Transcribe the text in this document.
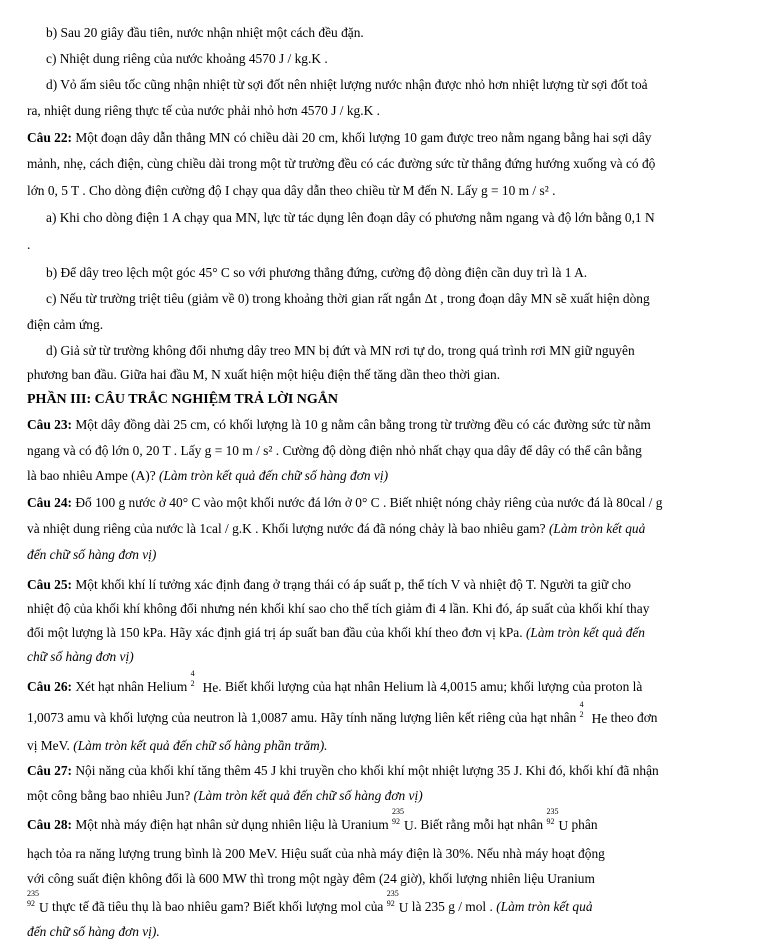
b) Sau 20 giây đầu tiên, nước nhận nhiệt một cách đều đặn.
c) Nhiệt dung riêng của nước khoảng 4570 J / kg.K .
d) Vỏ ấm siêu tốc cũng nhận nhiệt từ sợi đốt nên nhiệt lượng nước nhận được nhỏ hơn nhiệt lượng từ sợi đốt toả
ra, nhiệt dung riêng thực tế của nước phải nhỏ hơn 4570 J / kg.K .
Câu 22: Một đoạn dây dẫn thẳng MN có chiều dài 20 cm, khối lượng 10 gam được treo nằm ngang bằng hai sợi dây
mảnh, nhẹ, cách điện, cùng chiều dài trong một từ trường đều có các đường sức từ thẳng đứng hướng xuống và có độ
lớn 0, 5 T . Cho dòng điện cường độ I chạy qua dây dẫn theo chiều từ M đến N. Lấy g = 10 m / s² .
a) Khi cho dòng điện 1 A chạy qua MN, lực từ tác dụng lên đoạn dây có phương nằm ngang và độ lớn bằng 0,1 N
.
b) Để dây treo lệch một góc 45° C so với phương thẳng đứng, cường độ dòng điện cần duy trì là 1 A.
c) Nếu từ trường triệt tiêu (giảm về 0) trong khoảng thời gian rất ngắn Δt , trong đoạn dây MN sẽ xuất hiện dòng
điện cảm ứng.
d) Giả sử từ trường không đổi nhưng dây treo MN bị đứt và MN rơi tự do, trong quá trình rơi MN giữ nguyên
phương ban đầu. Giữa hai đầu M, N xuất hiện một hiệu điện thế tăng dần theo thời gian.
PHẦN III: CÂU TRẮC NGHIỆM TRẢ LỜI NGẮN
Câu 23: Một dây đồng dài 25 cm, có khối lượng là 10 g nằm cân bằng trong từ trường đều có các đường sức từ nằm
ngang và có độ lớn 0, 20 T . Lấy g = 10 m / s² . Cường độ dòng điện nhỏ nhất chạy qua dây để dây có thể cân bằng
là bao nhiêu Ampe (A)? (Làm tròn kết quả đến chữ số hàng đơn vị)
Câu 24: Đổ 100 g nước ở 40° C vào một khối nước đá lớn ở 0° C . Biết nhiệt nóng chảy riêng của nước đá là 80cal / g
và nhiệt dung riêng của nước là 1cal / g.K . Khối lượng nước đá đã nóng chảy là bao nhiêu gam? (Làm tròn kết quả
đến chữ số hàng đơn vị)
Câu 25: Một khối khí lí tưởng xác định đang ở trạng thái có áp suất p, thể tích V và nhiệt độ T. Người ta giữ cho
nhiệt độ của khối khí không đổi nhưng nén khối khí sao cho thể tích giảm đi 4 lần. Khi đó, áp suất của khối khí thay
đổi một lượng là 150 kPa. Hãy xác định giá trị áp suất ban đầu của khối khí theo đơn vị kPa. (Làm tròn kết quả đến
chữ số hàng đơn vị)
Câu 26: Xét hạt nhân Helium
4
2 He. Biết khối lượng của hạt nhân Helium là 4,0015 amu; khối lượng của proton là
1,0073 amu và khối lượng của neutron là 1,0087 amu. Hãy tính năng lượng liên kết riêng của hạt nhân
4
2 He theo đơn
vị MeV. (Làm tròn kết quả đến chữ số hàng phần trăm).
Câu 27: Nội năng của khối khí tăng thêm 45 J khi truyền cho khối khí một nhiệt lượng 35 J. Khi đó, khối khí đã nhận
một công bằng bao nhiêu Jun? (Làm tròn kết quả đến chữ số hàng đơn vị)
Câu 28: Một nhà máy điện hạt nhân sử dụng nhiên liệu là Uranium
235
92 U. Biết rằng mỗi hạt nhân
235
92 U phân
hạch tỏa ra năng lượng trung bình là 200 MeV. Hiệu suất của nhà máy điện là 30%. Nếu nhà máy hoạt động
với công suất điện không đổi là 600 MW thì trong một ngày đêm (24 giờ), khối lượng nhiên liệu Uranium
235
92 U thực tế đã tiêu thụ là bao nhiêu gam? Biết khối lượng mol của
235
92 U là 235 g / mol . (Làm tròn kết quả
đến chữ số hàng đơn vị).
